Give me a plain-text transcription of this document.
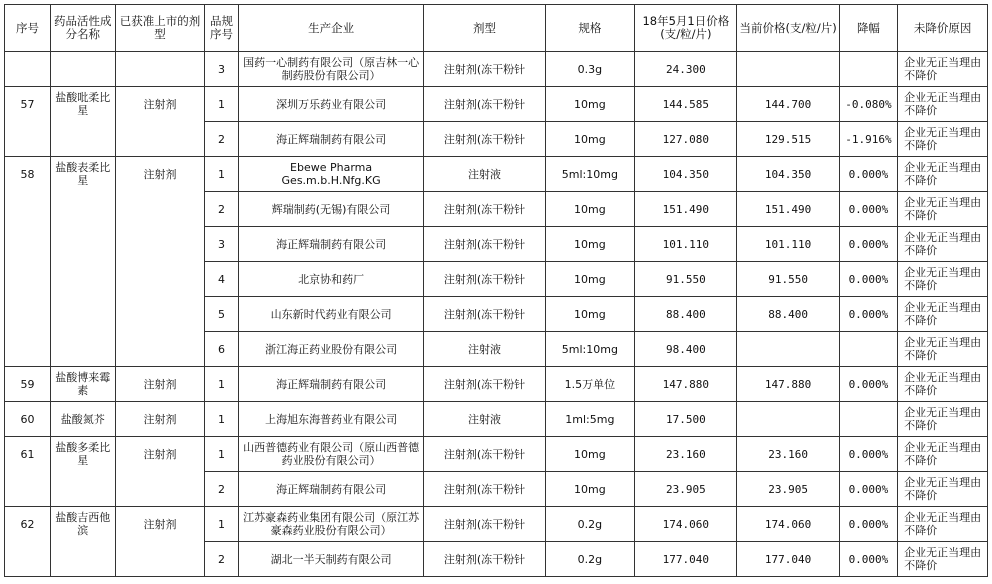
序号	药品活性成分名称	已获准上市的剂型	品规序号	生产企业	剂型	规格	18年5月1日价格(支/粒/片)	当前价格(支/粒/片)	降幅	未降价原因
			3	国药一心制药有限公司（原吉林一心制药股份有限公司）	注射剂(冻干粉针	0.3g	24.300			企业无正当理由不降价
57	盐酸吡柔比星	注射剂	1	深圳万乐药业有限公司	注射剂(冻干粉针	10mg	144.585	144.700	-0.080%	企业无正当理由不降价
			2	海正辉瑞制药有限公司	注射剂(冻干粉针	10mg	127.080	129.515	-1.916%	企业无正当理由不降价
58	盐酸表柔比星	注射剂	1	Ebewe Pharma Ges.m.b.H.Nfg.KG	注射液	5ml:10mg	104.350	104.350	0.000%	企业无正当理由不降价
			2	辉瑞制药(无锡)有限公司	注射剂(冻干粉针	10mg	151.490	151.490	0.000%	企业无正当理由不降价
			3	海正辉瑞制药有限公司	注射剂(冻干粉针	10mg	101.110	101.110	0.000%	企业无正当理由不降价
			4	北京协和药厂	注射剂(冻干粉针	10mg	91.550	91.550	0.000%	企业无正当理由不降价
			5	山东新时代药业有限公司	注射剂(冻干粉针	10mg	88.400	88.400	0.000%	企业无正当理由不降价
			6	浙江海正药业股份有限公司	注射液	5ml:10mg	98.400			企业无正当理由不降价
59	盐酸博来霉素	注射剂	1	海正辉瑞制药有限公司	注射剂(冻干粉针	1.5万单位	147.880	147.880	0.000%	企业无正当理由不降价
60	盐酸氮芥	注射剂	1	上海旭东海普药业有限公司	注射液	1ml:5mg	17.500			企业无正当理由不降价
61	盐酸多柔比星	注射剂	1	山西普德药业有限公司（原山西普德药业股份有限公司）	注射剂(冻干粉针	10mg	23.160	23.160	0.000%	企业无正当理由不降价
			2	海正辉瑞制药有限公司	注射剂(冻干粉针	10mg	23.905	23.905	0.000%	企业无正当理由不降价
62	盐酸吉西他滨	注射剂	1	江苏豪森药业集团有限公司（原江苏豪森药业股份有限公司）	注射剂(冻干粉针	0.2g	174.060	174.060	0.000%	企业无正当理由不降价
			2	湖北一半天制药有限公司	注射剂(冻干粉针	0.2g	177.040	177.040	0.000%	企业无正当理由不降价
